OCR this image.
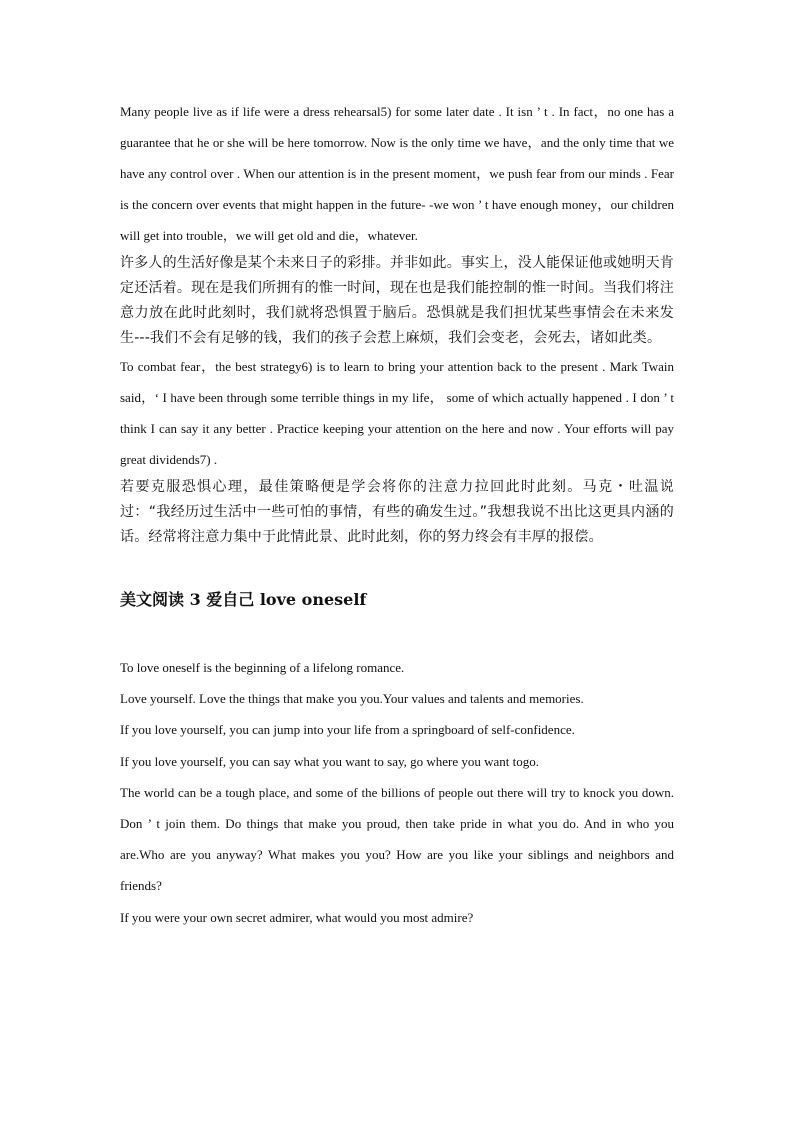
Many people live as if life were a dress rehearsal5) for some later date . It isn ’ t . In fact，no one has a guarantee that he or she will be here tomorrow. Now is the only time we have，and the only time that we have any control over . When our attention is in the present moment，we push fear from our minds . Fear is the concern over events that might happen in the future- -we won ’ t have enough money，our children will get into trouble，we will get old and die，whatever.

许多人的生活好像是某个未来日子的彩排。并非如此。事实上，没人能保证他或她明天肯定还活着。现在是我们所拥有的惟一时间，现在也是我们能控制的惟一时间。当我们将注意力放在此时此刻时，我们就将恐惧置于脑后。恐惧就是我们担忧某些事情会在未来发生---我们不会有足够的钱，我们的孩子会惹上麻烦，我们会变老，会死去，诸如此类。

To combat fear，the best strategy6) is to learn to bring your attention back to the present . Mark Twain said，‘ I have been through some terrible things in my life， some of which actually happened . I don ’ t think I can say it any better . Practice keeping your attention on the here and now . Your efforts will pay great dividends7) .

若要克服恐惧心理，最佳策略便是学会将你的注意力拉回此时此刻。马克・吐温说过：“我经历过生活中一些可怕的事情，有些的确发生过。”我想我说不出比这更具内涵的话。经常将注意力集中于此情此景、此时此刻，你的努力终会有丰厚的报偿。

美文阅读 3 爱自己 love oneself

To love oneself is the beginning of a lifelong romance.

Love yourself. Love the things that make you you.Your values and talents and memories.

If you love yourself, you can jump into your life from a springboard of self-confidence.

If you love yourself, you can say what you want to say, go where you want togo.

The world can be a tough place, and some of the billions of people out there will try to knock you down. Don ’ t join them. Do things that make you proud, then take pride in what you do. And in who you are.Who are you anyway? What makes you you? How are you like your siblings and neighbors and friends?

If you were your own secret admirer, what would you most admire?
